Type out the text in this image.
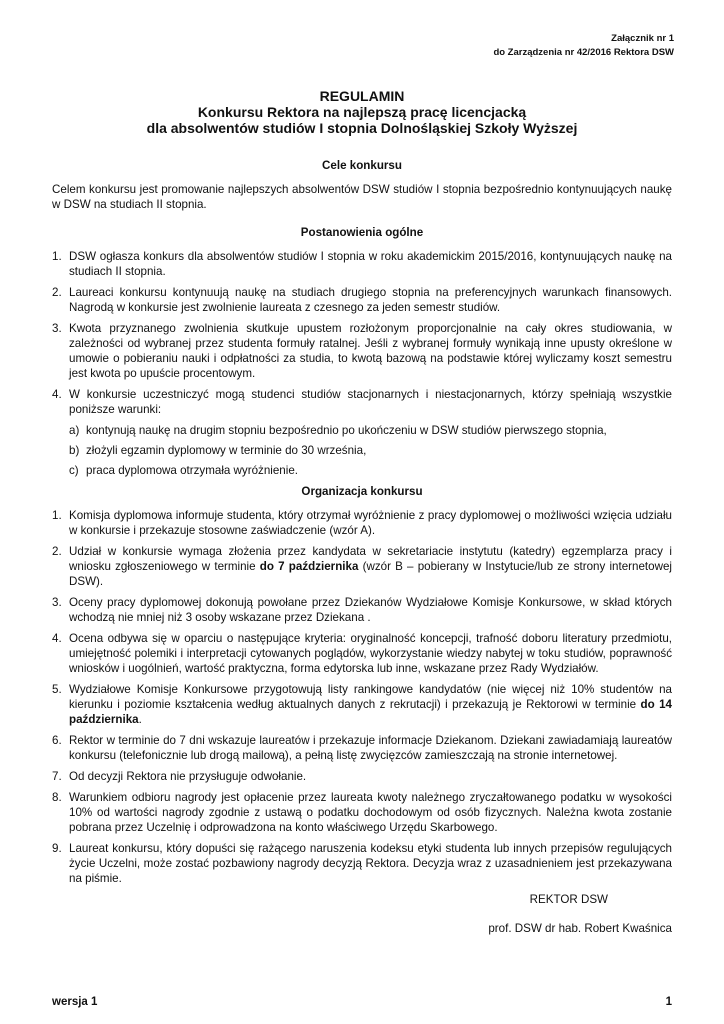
Załącznik nr 1
do Zarządzenia nr 42/2016 Rektora DSW
REGULAMIN
Konkursu Rektora na najlepszą pracę licencjacką
dla absolwentów studiów I stopnia Dolnośląskiej Szkoły Wyższej
Cele konkursu

Celem konkursu jest promowanie najlepszych absolwentów DSW studiów I stopnia bezpośrednio kontynuujących naukę w DSW na studiach II stopnia.

Postanowienia ogólne
1. DSW ogłasza konkurs dla absolwentów studiów I stopnia w roku akademickim 2015/2016, kontynuujących naukę na studiach II stopnia.
2. Laureaci konkursu kontynuują naukę na studiach drugiego stopnia na preferencyjnych warunkach finansowych. Nagrodą w konkursie jest zwolnienie laureata z czesnego za jeden semestr studiów.
3. Kwota przyznanego zwolnienia skutkuje upustem rozłożonym proporcjonalnie na cały okres studiowania, w zależności od wybranej przez studenta formuły ratalnej. Jeśli z wybranej formuły wynikają inne upusty określone w umowie o pobieraniu nauki i odpłatności za studia, to kwotą bazową na podstawie której wyliczamy koszt semestru jest kwota po upuście procentowym.
4. W konkursie uczestniczyć mogą studenci studiów stacjonarnych i niestacjonarnych, którzy spełniają wszystkie poniższe warunki:
a) kontynują naukę na drugim stopniu bezpośrednio po ukończeniu w DSW studiów pierwszego stopnia,
b) złożyli egzamin dyplomowy w terminie do 30 września,
c) praca dyplomowa otrzymała wyróżnienie.
Organizacja konkursu
1. Komisja dyplomowa informuje studenta, który otrzymał wyróżnienie z pracy dyplomowej o możliwości wzięcia udziału w konkursie i przekazuje stosowne zaświadczenie (wzór A).
2. Udział w konkursie wymaga złożenia przez kandydata w sekretariacie instytutu (katedry) egzemplarza pracy i wniosku zgłoszeniowego w terminie do 7 października (wzór B – pobierany w Instytucie/lub ze strony internetowej DSW).
3. Oceny pracy dyplomowej dokonują powołane przez Dziekanów Wydziałowe Komisje Konkursowe, w skład których wchodzą nie mniej niż 3 osoby wskazane przez Dziekana .
4. Ocena odbywa się w oparciu o następujące kryteria: oryginalność koncepcji, trafność doboru literatury przedmiotu, umiejętność polemiki i interpretacji cytowanych poglądów, wykorzystanie wiedzy nabytej w toku studiów, poprawność wniosków i uogólnień, wartość praktyczna, forma edytorska lub inne, wskazane przez Rady Wydziałów.
5. Wydziałowe Komisje Konkursowe przygotowują listy rankingowe kandydatów (nie więcej niż 10% studentów na kierunku i poziomie kształcenia według aktualnych danych z rekrutacji) i przekazują je Rektorowi w terminie do 14 października.
6. Rektor w terminie do 7 dni wskazuje laureatów i przekazuje informacje Dziekanom. Dziekani zawiadamiają laureatów konkursu (telefonicznie lub drogą mailową), a pełną listę zwycięzców zamieszczają na stronie internetowej.
7. Od decyzji Rektora nie przysługuje odwołanie.
8. Warunkiem odbioru nagrody jest opłacenie przez laureata kwoty należnego zryczałtowanego podatku w wysokości 10% od wartości nagrody zgodnie z ustawą o podatku dochodowym od osób fizycznych. Należna kwota zostanie pobrana przez Uczelnię i odprowadzona na konto właściwego Urzędu Skarbowego.
9. Laureat konkursu, który dopuści się rażącego naruszenia kodeksu etyki studenta lub innych przepisów regulujących życie Uczelni, może zostać pozbawiony nagrody decyzją Rektora. Decyzja wraz z uzasadnieniem jest przekazywana na piśmie.
REKTOR DSW
prof. DSW dr hab. Robert Kwaśnica
wersja 1	1
